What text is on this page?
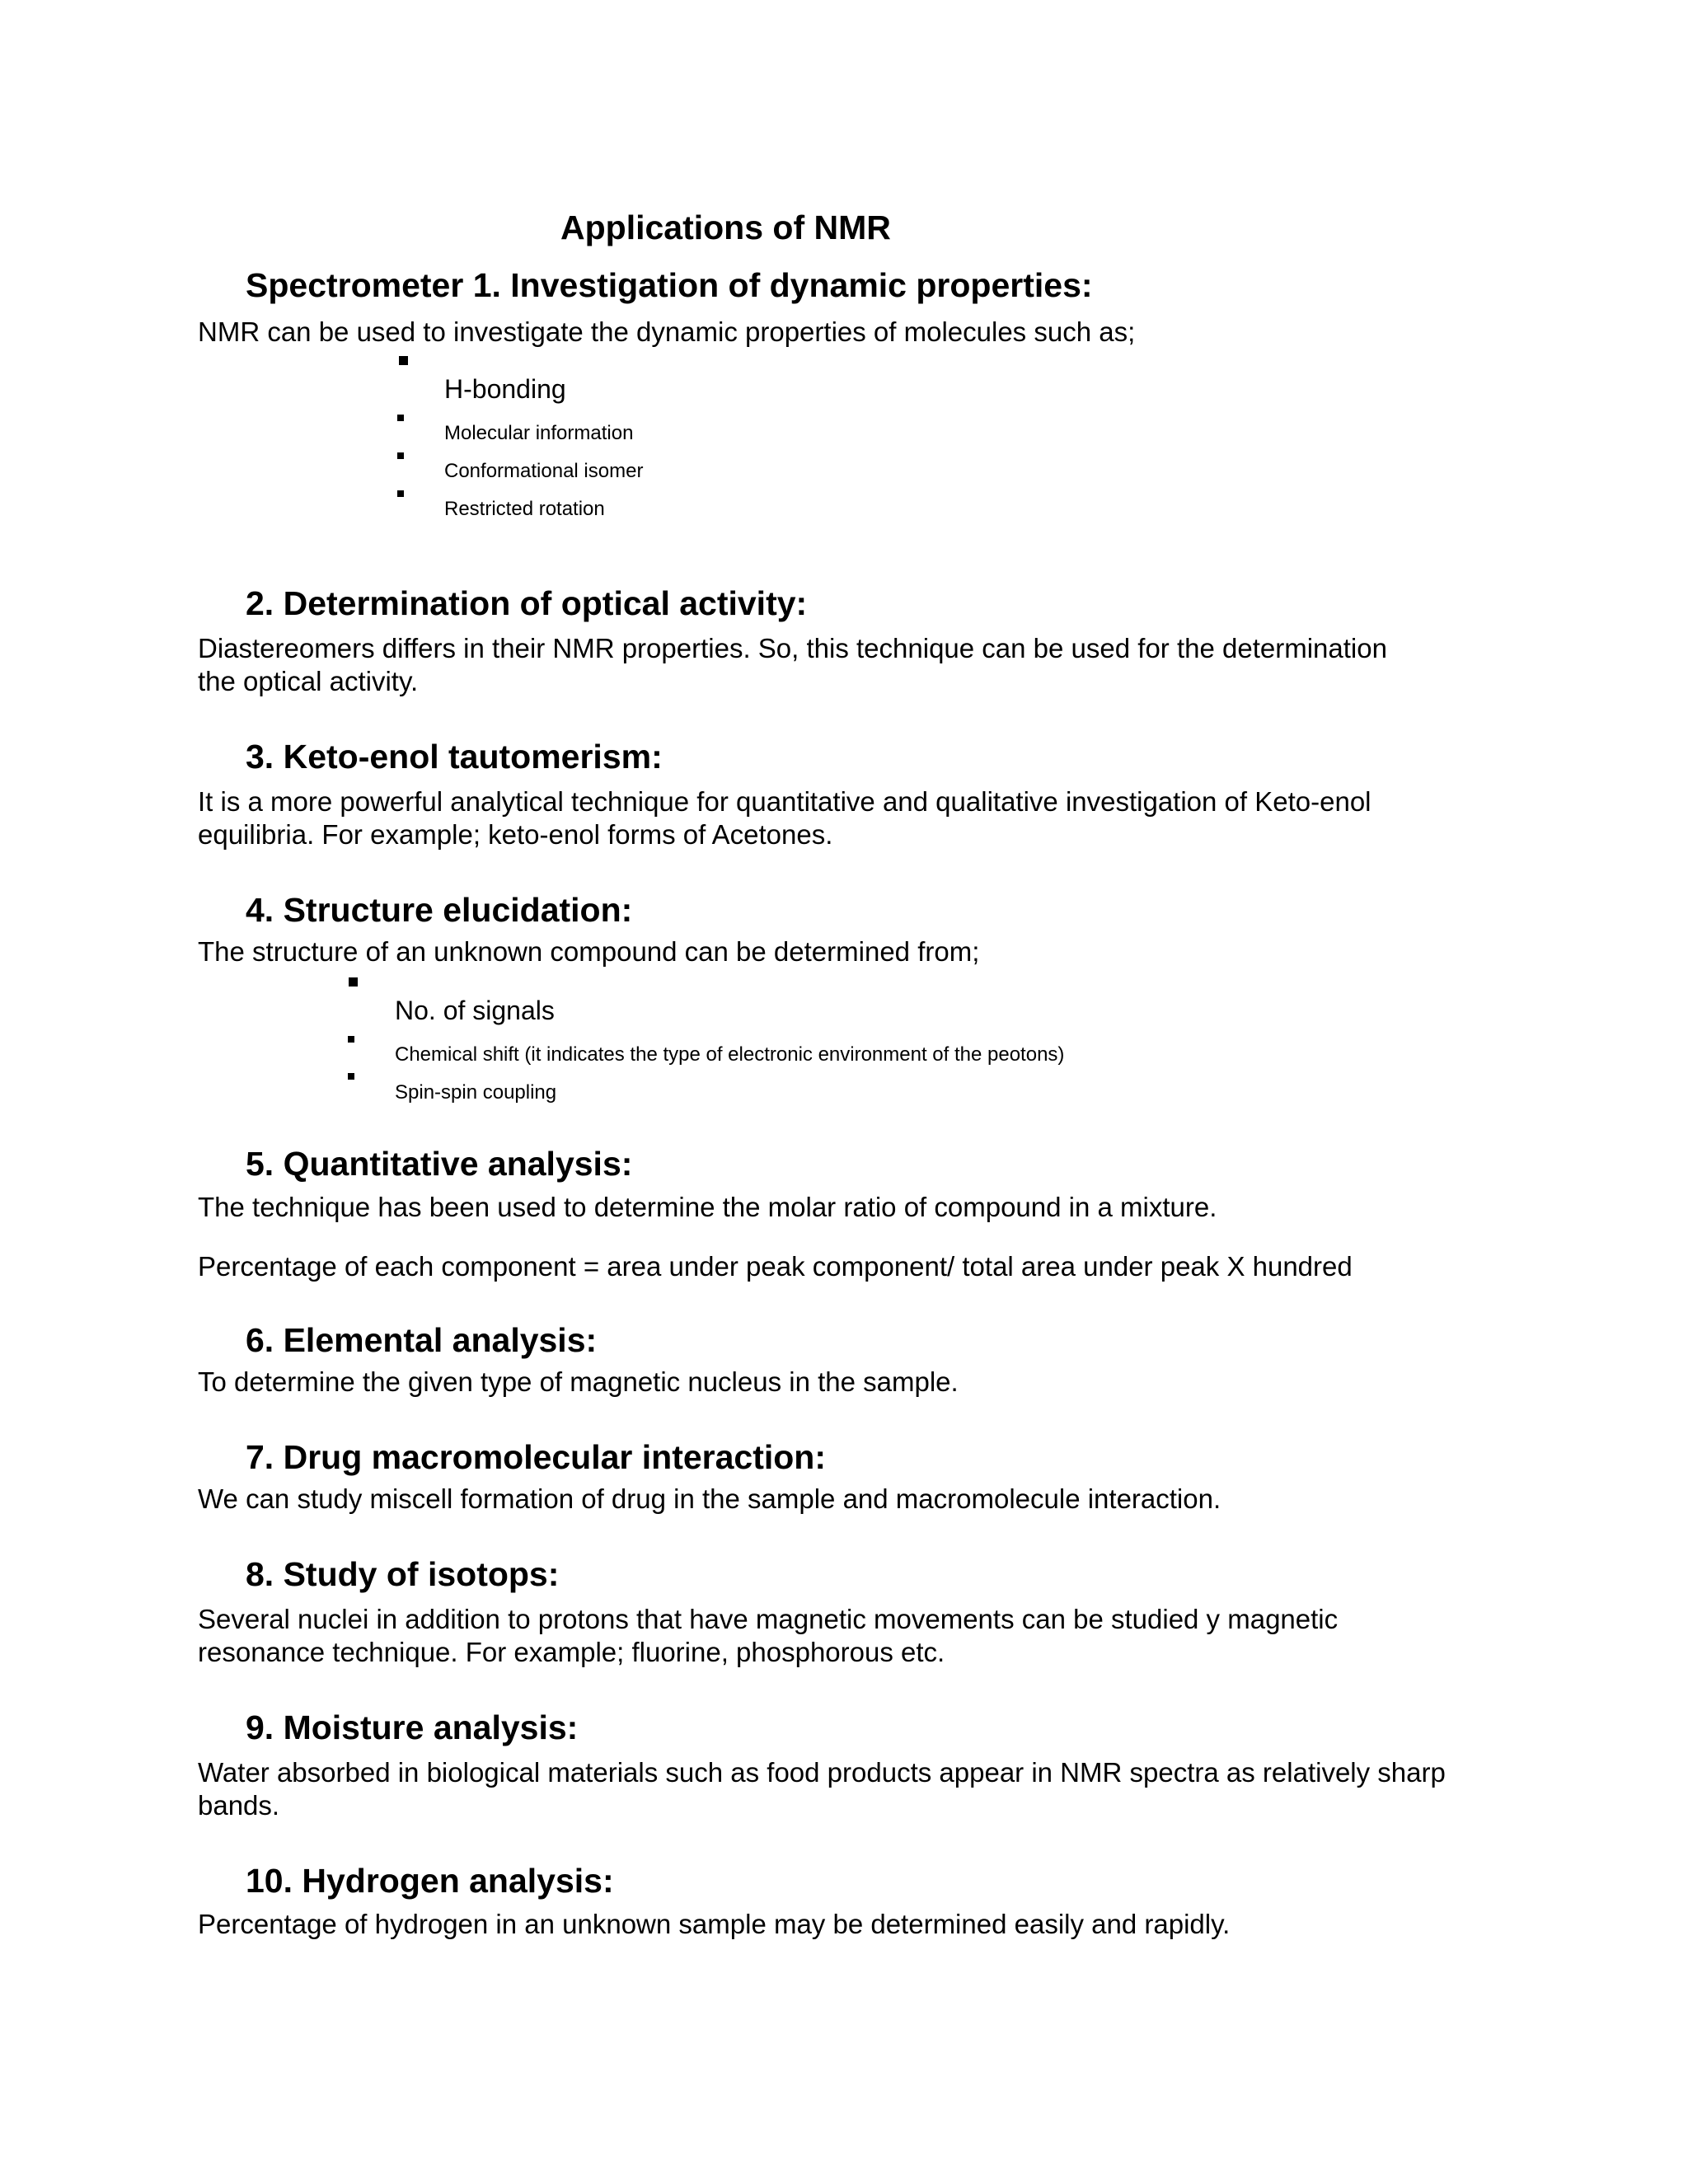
Applications of NMR
Spectrometer 1. Investigation of dynamic properties:
NMR can be used to investigate the dynamic properties of molecules such as;
H-bonding
Molecular information
Conformational isomer
Restricted rotation
2. Determination of optical activity:
Diastereomers differs in their NMR properties. So, this technique can be used for the determination
the optical activity.
3. Keto-enol tautomerism:
It is a more powerful analytical technique for quantitative and qualitative investigation of Keto-enol
equilibria. For example; keto-enol forms of Acetones.
4. Structure elucidation:
The structure of an unknown compound can be determined from;
No. of signals
Chemical shift (it indicates the type of electronic environment of the peotons)
Spin-spin coupling
5. Quantitative analysis:
The technique has been used to determine the molar ratio of compound in a mixture.
Percentage of each component = area under peak component/ total area under peak X hundred
6. Elemental analysis:
To determine the given type of magnetic nucleus in the sample.
7. Drug macromolecular interaction:
We can study miscell formation of drug in the sample and macromolecule interaction.
8. Study of isotops:
Several nuclei in addition to protons that have magnetic movements can be studied y magnetic
resonance technique. For example; fluorine, phosphorous etc.
9. Moisture analysis:
Water absorbed in biological materials such as food products appear in NMR spectra as relatively sharp
bands.
10. Hydrogen analysis:
Percentage of hydrogen in an unknown sample may be determined easily and rapidly.
